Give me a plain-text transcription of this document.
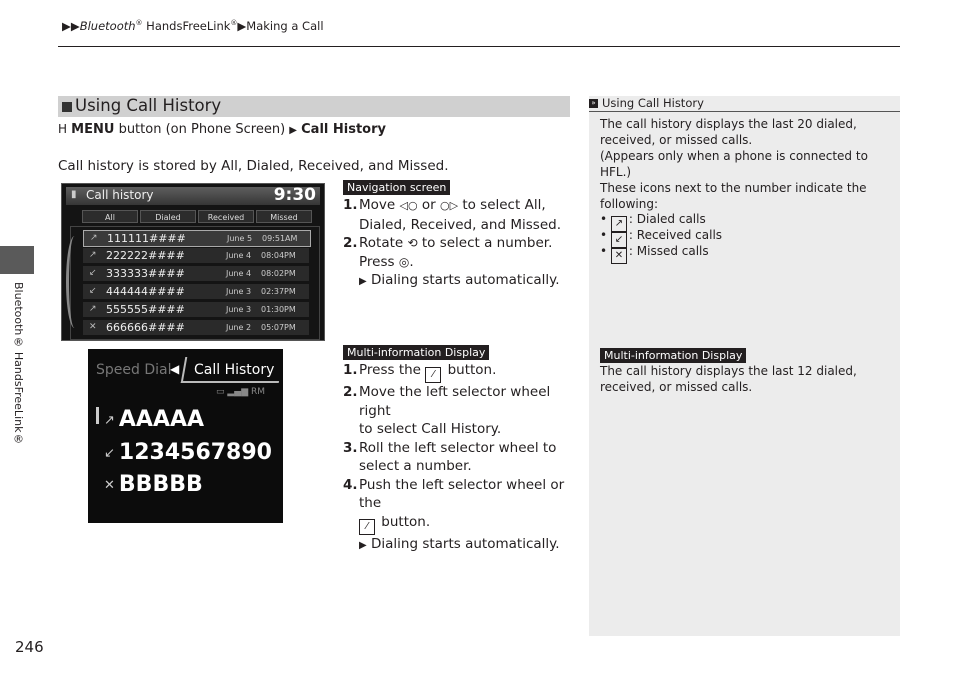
▶▶Bluetooth® HandsFreeLink®▶Making a Call
Bluetooth® HandsFreeLink®
246
Using Call History
H MENU button (on Phone Screen) ▶ Call History
Call history is stored by All, Dialed, Received, and Missed.
▮ Call history	9:30
All	Dialed	Received	Missed
↗ 111111####	June 5 09:51AM
↗ 222222####	June 4 08:04PM
↙ 333333####	June 4 08:02PM
↙ 444444####	June 3 02:37PM
↗ 555555####	June 3 01:30PM
✕ 666666####	June 2 05:07PM
Navigation screen
1. Move ◁○ or ○▷ to select All,
Dialed, Received, and Missed.
2. Rotate ⟲ to select a number.
Press ◎.
▶ Dialing starts automatically.
Speed Dial
◀ Call History
▭ ▂▄▆ RM
↗ AAAAA
↙ 1234567890
✕ BBBBB
Multi-information Display
1. Press the ⁄ button.
2. Move the left selector wheel right
to select Call History.
3. Roll the left selector wheel to
select a number.
4. Push the left selector wheel or the
⁄ button.
▶ Dialing starts automatically.
» Using Call History
The call history displays the last 20 dialed, received, or missed calls.
(Appears only when a phone is connected to HFL.)
These icons next to the number indicate the following:
• ↗ : Dialed calls
• ↙ : Received calls
• ✕ : Missed calls
Multi-information Display
The call history displays the last 12 dialed, received, or missed calls.
